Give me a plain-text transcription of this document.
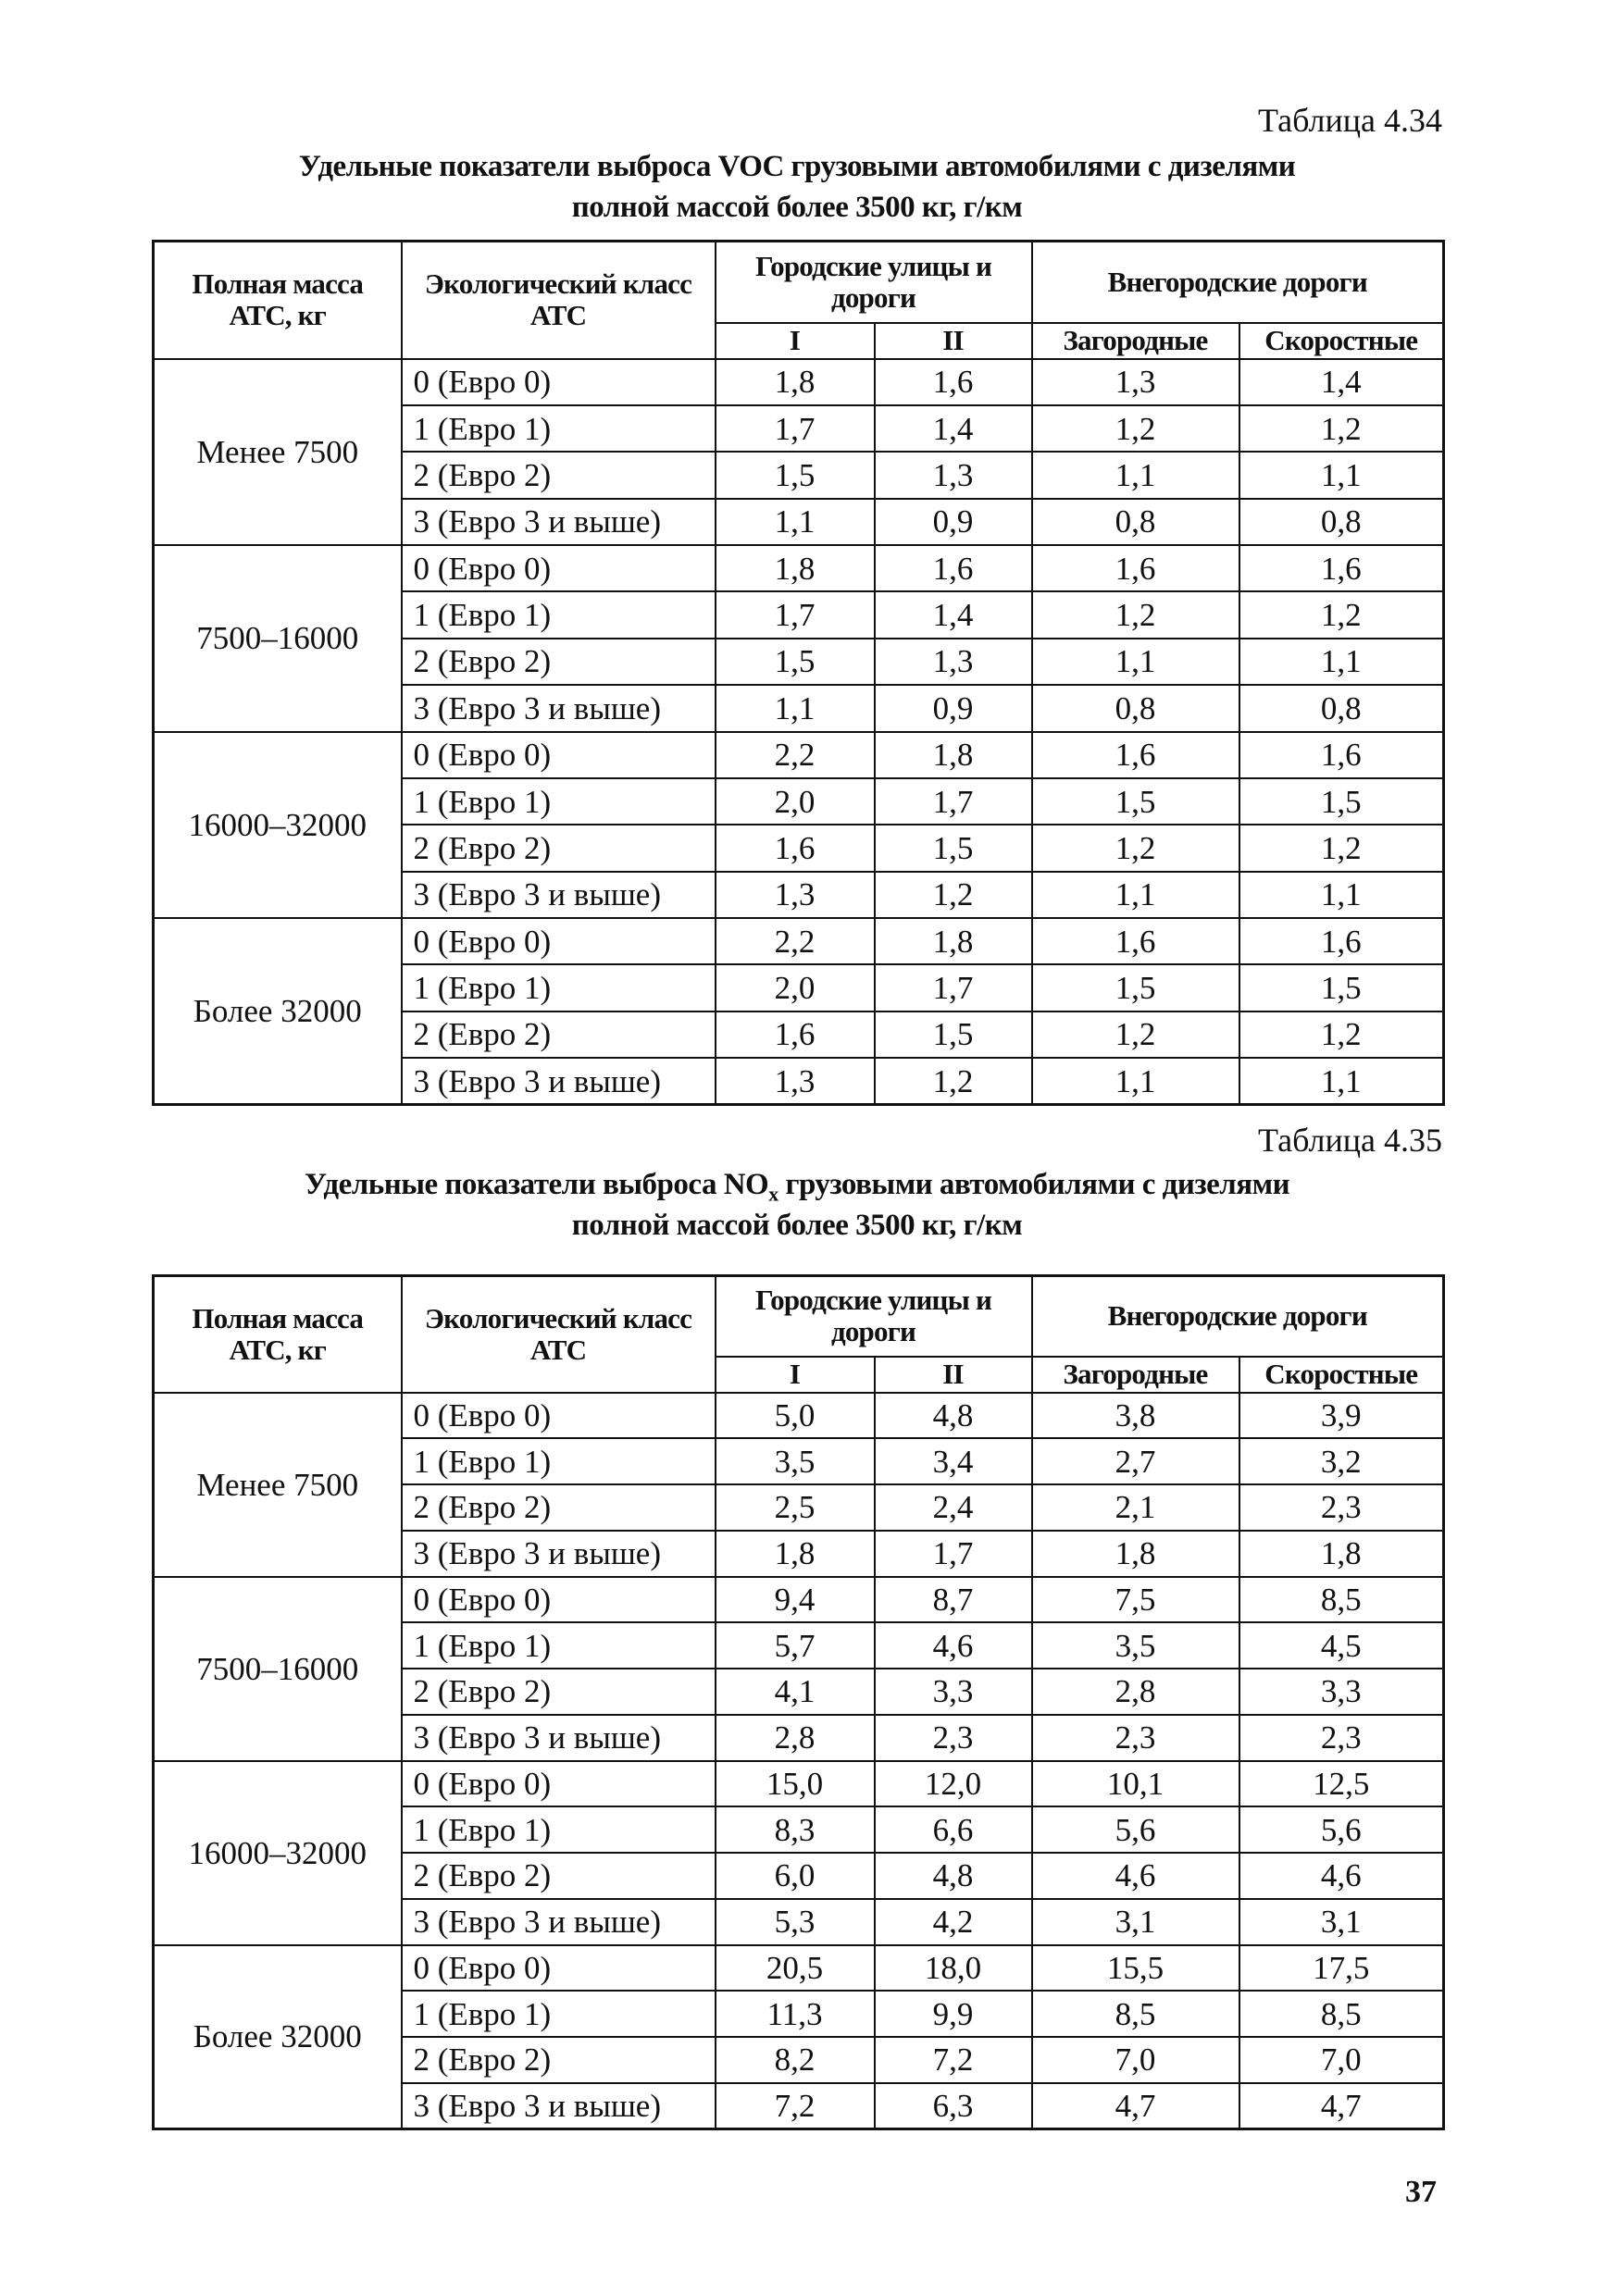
Таблица 4.34
Удельные показатели выброса VOC грузовыми автомобилями с дизелями
полной массой более 3500 кг, г/км
Полная масса АТС, кг	Экологический класс АТС	Городские улицы и дороги		Внегородские дороги	
		I	II	Загородные	Скоростные
Менее 7500	0 (Евро 0)	1,8	1,6	1,3	1,4
	1 (Евро 1)	1,7	1,4	1,2	1,2
	2 (Евро 2)	1,5	1,3	1,1	1,1
	3 (Евро 3 и выше)	1,1	0,9	0,8	0,8
7500–16000	0 (Евро 0)	1,8	1,6	1,6	1,6
	1 (Евро 1)	1,7	1,4	1,2	1,2
	2 (Евро 2)	1,5	1,3	1,1	1,1
	3 (Евро 3 и выше)	1,1	0,9	0,8	0,8
16000–32000	0 (Евро 0)	2,2	1,8	1,6	1,6
	1 (Евро 1)	2,0	1,7	1,5	1,5
	2 (Евро 2)	1,6	1,5	1,2	1,2
	3 (Евро 3 и выше)	1,3	1,2	1,1	1,1
Более 32000	0 (Евро 0)	2,2	1,8	1,6	1,6
	1 (Евро 1)	2,0	1,7	1,5	1,5
	2 (Евро 2)	1,6	1,5	1,2	1,2
	3 (Евро 3 и выше)	1,3	1,2	1,1	1,1
Таблица 4.35
Удельные показатели выброса $NO_x$ грузовыми автомобилями с дизелями
полной массой более 3500 кг, г/км
Полная масса АТС, кг	Экологический класс АТС	Городские улицы и дороги		Внегородские дороги	
		I	II	Загородные	Скоростные
Менее 7500	0 (Евро 0)	5,0	4,8	3,8	3,9
	1 (Евро 1)	3,5	3,4	2,7	3,2
	2 (Евро 2)	2,5	2,4	2,1	2,3
	3 (Евро 3 и выше)	1,8	1,7	1,8	1,8
7500–16000	0 (Евро 0)	9,4	8,7	7,5	8,5
	1 (Евро 1)	5,7	4,6	3,5	4,5
	2 (Евро 2)	4,1	3,3	2,8	3,3
	3 (Евро 3 и выше)	2,8	2,3	2,3	2,3
16000–32000	0 (Евро 0)	15,0	12,0	10,1	12,5
	1 (Евро 1)	8,3	6,6	5,6	5,6
	2 (Евро 2)	6,0	4,8	4,6	4,6
	3 (Евро 3 и выше)	5,3	4,2	3,1	3,1
Более 32000	0 (Евро 0)	20,5	18,0	15,5	17,5
	1 (Евро 1)	11,3	9,9	8,5	8,5
	2 (Евро 2)	8,2	7,2	7,0	7,0
	3 (Евро 3 и выше)	7,2	6,3	4,7	4,7
37
